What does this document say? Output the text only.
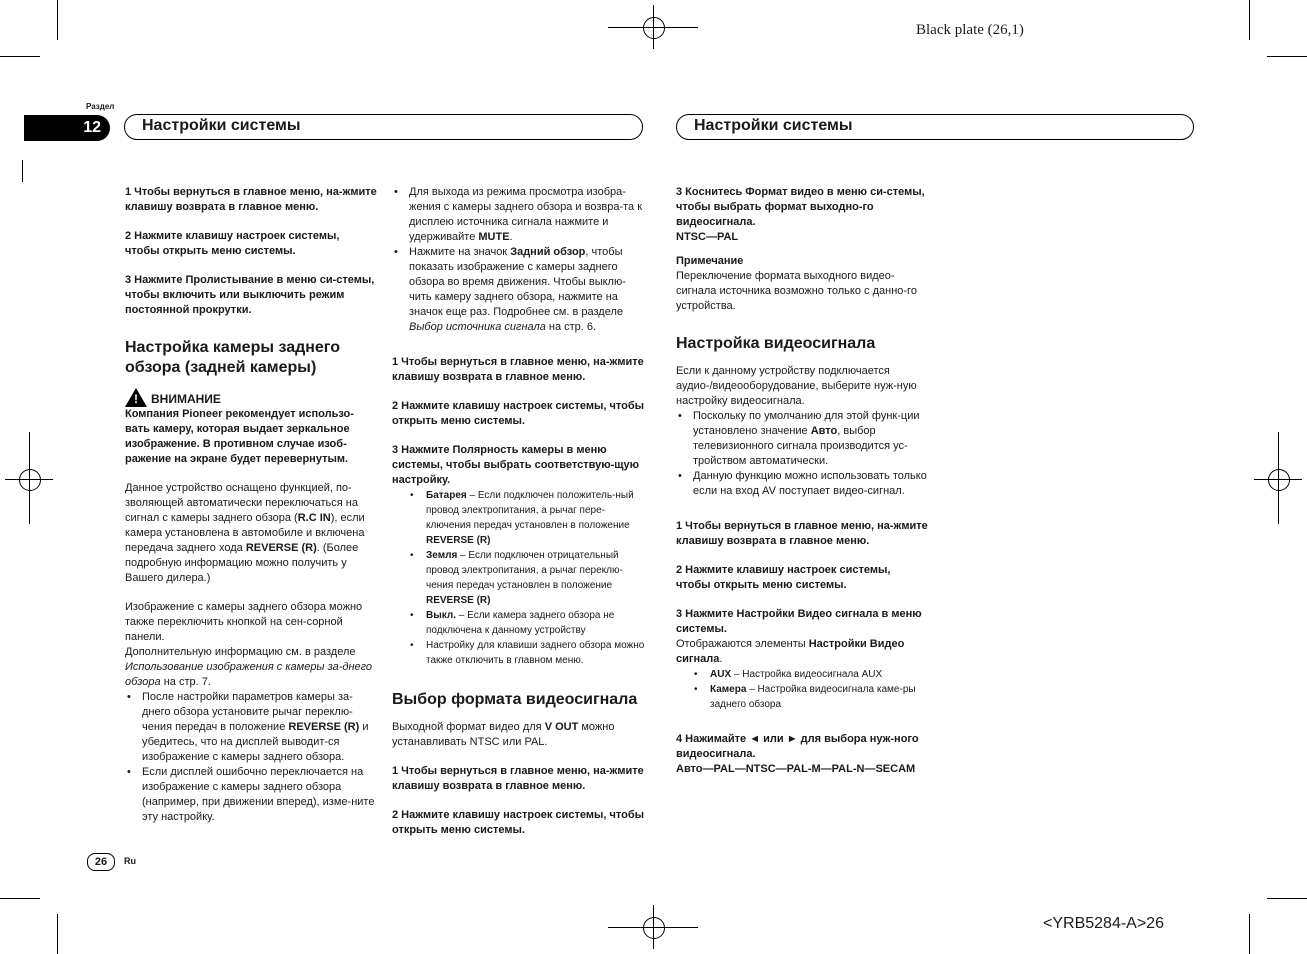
Black plate (26,1)
Раздел
12	Настройки системы	Настройки системы

1 Чтобы вернуться в главное меню, на-жмите клавишу возврата в главное меню.

2 Нажмите клавишу настроек системы, чтобы открыть меню системы.

3 Нажмите Пролистывание в меню си-стемы, чтобы включить или выключить режим постоянной прокрутки.

Настройка камеры заднего обзора (задней камеры)

! ВНИМАНИЕ

Компания Pioneer рекомендует использо-вать камеру, которая выдает зеркальное изображение. В противном случае изоб-ражение на экране будет перевернутым.

Данное устройство оснащено функцией, по-зволяющей автоматически переключаться на сигнал с камеры заднего обзора (R.C IN), если камера установлена в автомобиле и включена передача заднего хода REVERSE (R). (Более подробную информацию можно получить у Вашего дилера.)

Изображение с камеры заднего обзора можно также переключить кнопкой на сен-сорной панели.

Дополнительную информацию см. в разделе Использование изображения с камеры за-днего обзора на стр. 7.

• После настройки параметров камеры за-днего обзора установите рычаг переклю-чения передач в положение REVERSE (R) и убедитесь, что на дисплей выводит-ся изображение с камеры заднего обзора.
• Если дисплей ошибочно переключается на изображение с камеры заднего обзора (например, при движении вперед), изме-ните эту настройку.
• Для выхода из режима просмотра изобра-жения с камеры заднего обзора и возвра-та к дисплею источника сигнала нажмите и удерживайте MUTE.
• Нажмите на значок Задний обзор, чтобы показать изображение с камеры заднего обзора во время движения. Чтобы выклю-чить камеру заднего обзора, нажмите на значок еще раз. Подробнее см. в разделе Выбор источника сигнала на стр. 6.

1 Чтобы вернуться в главное меню, на-жмите клавишу возврата в главное меню.

2 Нажмите клавишу настроек системы, чтобы открыть меню системы.

3 Нажмите Полярность камеры в меню системы, чтобы выбрать соответствую-щую настройку.

• Батарея – Если подключен положитель-ный провод электропитания, а рычаг пере-ключения передач установлен в положение REVERSE (R)
• Земля – Если подключен отрицательный провод электропитания, а рычаг переклю-чения передач установлен в положение REVERSE (R)
• Выкл. – Если камера заднего обзора не подключена к данному устройству
• Настройку для клавиши заднего обзора можно также отключить в главном меню.

Выбор формата видеосигнала

Выходной формат видео для V OUT можно устанавливать NTSC или PAL.

1 Чтобы вернуться в главное меню, на-жмите клавишу возврата в главное меню.

2 Нажмите клавишу настроек системы, чтобы открыть меню системы.

3 Коснитесь Формат видео в меню си-стемы, чтобы выбрать формат выходно-го видеосигнала.

NTSC—PAL

Примечание

Переключение формата выходного видео-сигнала источника возможно только с данно-го устройства.

Настройка видеосигнала

Если к данному устройству подключается аудио-/видеооборудование, выберите нуж-ную настройку видеосигнала.

• Поскольку по умолчанию для этой функ-ции установлено значение Авто, выбор телевизионного сигнала производится ус-тройством автоматически.
• Данную функцию можно использовать только если на вход AV поступает видео-сигнал.

1 Чтобы вернуться в главное меню, на-жмите клавишу возврата в главное меню.

2 Нажмите клавишу настроек системы, чтобы открыть меню системы.

3 Нажмите Настройки Видео сигнала в меню системы.

Отображаются элементы Настройки Видео сигнала.

• AUX – Настройка видеосигнала AUX
• Камера – Настройка видеосигнала каме-ры заднего обзора

4 Нажимайте ◄ или ► для выбора нуж-ного видеосигнала.

Авто—PAL—NTSC—PAL-M—PAL-N—SECAM

26	Ru
<YRB5284-A>26
